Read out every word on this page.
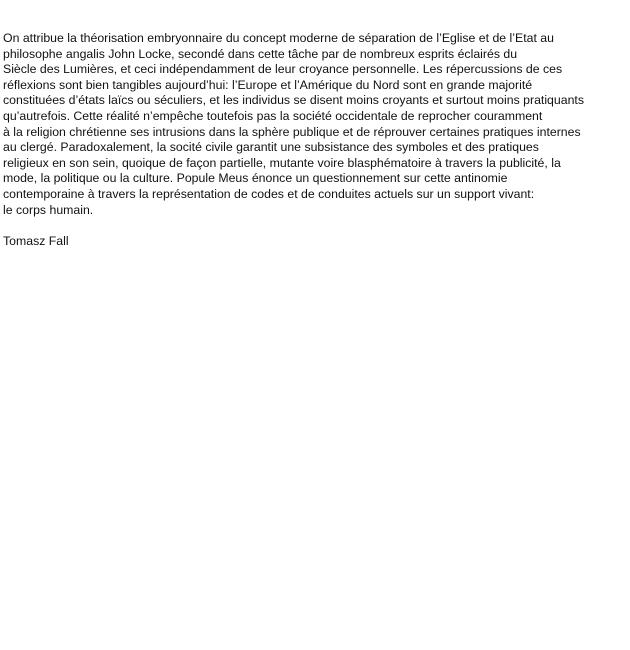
On attribue la théorisation embryonnaire du concept moderne de séparation de l’Eglise et de l’Etat au
philosophe angalis John Locke, secondé dans cette tâche par de nombreux esprits éclairés du
Siècle des Lumières, et ceci indépendamment de leur croyance personnelle. Les répercussions de ces
réflexions sont bien tangibles aujourd’hui: l’Europe et l’Amérique du Nord sont en grande majorité
constituées d’états laïcs ou séculiers, et les individus se disent moins croyants et surtout moins pratiquants
qu’autrefois. Cette réalité n’empêche toutefois pas la société occidentale de reprocher couramment
à la religion chrétienne ses intrusions dans la sphère publique et de réprouver certaines pratiques internes
au clergé. Paradoxalement, la socité civile garantit une subsistance des symboles et des pratiques
religieux en son sein, quoique de façon partielle, mutante voire blasphématoire à travers la publicité, la
mode, la politique ou la culture. Popule Meus énonce un questionnement sur cette antinomie
contemporaine à travers la représentation de codes et de conduites actuels sur un support vivant:
le corps humain.
Tomasz Fall
